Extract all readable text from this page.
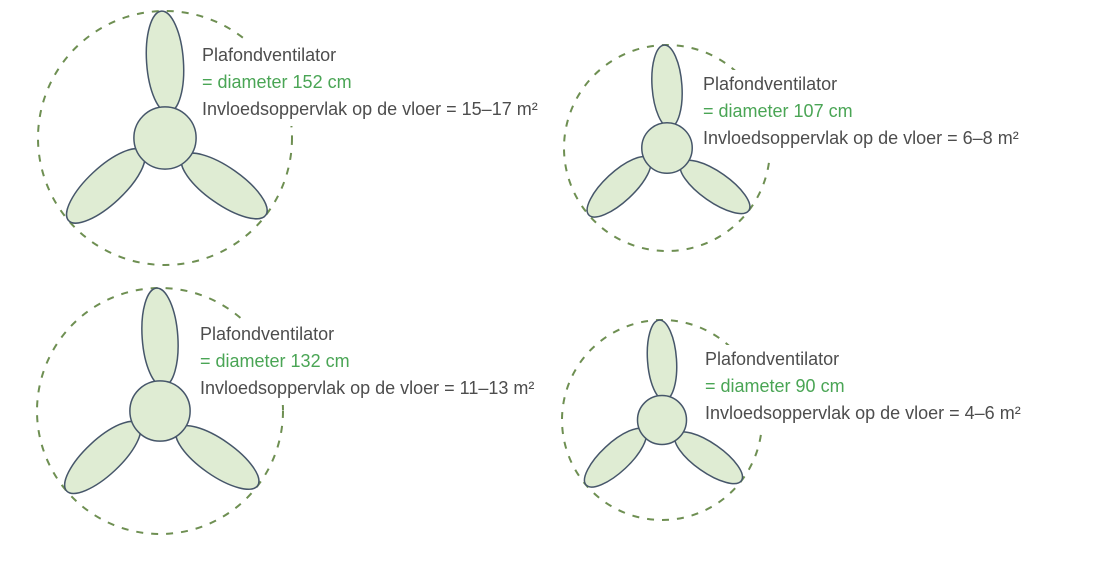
Plafondventilator
= diameter 152 cm
Invloedsoppervlak op de vloer = 15–17 m²
Plafondventilator
= diameter 107 cm
Invloedsoppervlak op de vloer = 6–8 m²
Plafondventilator
= diameter 132 cm
Invloedsoppervlak op de vloer = 11–13 m²
Plafondventilator
= diameter 90 cm
Invloedsoppervlak op de vloer = 4–6 m²
